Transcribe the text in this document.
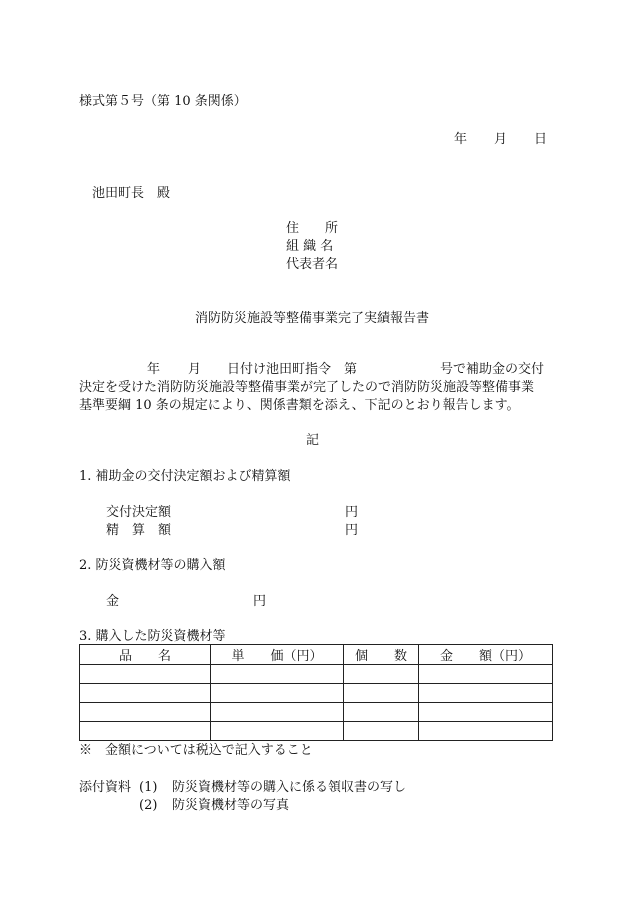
様式第５号（第 10 条関係）
年 月 日
池田町長　殿
住　　所
組 織 名
代表者名
消防防災施設等整備事業完了実績報告書
年 月 日付け池田町指令　第	号で補助金の交付
決定を受けた消防防災施設等整備事業が完了したので消防防災施設等整備事業
基準要綱 10 条の規定により、関係書類を添え、下記のとおり報告します。
記
1. 補助金の交付決定額および精算額
交付決定額	円
精　算　額	円
2. 防災資機材等の購入額
金	円
3. 購入した防災資機材等
品　　名	単　　価（円）	個　　数	金　　額（円）

※　金額については税込で記入すること
添付資料 (1) 防災資機材等の購入に係る領収書の写し
(2) 防災資機材等の写真
